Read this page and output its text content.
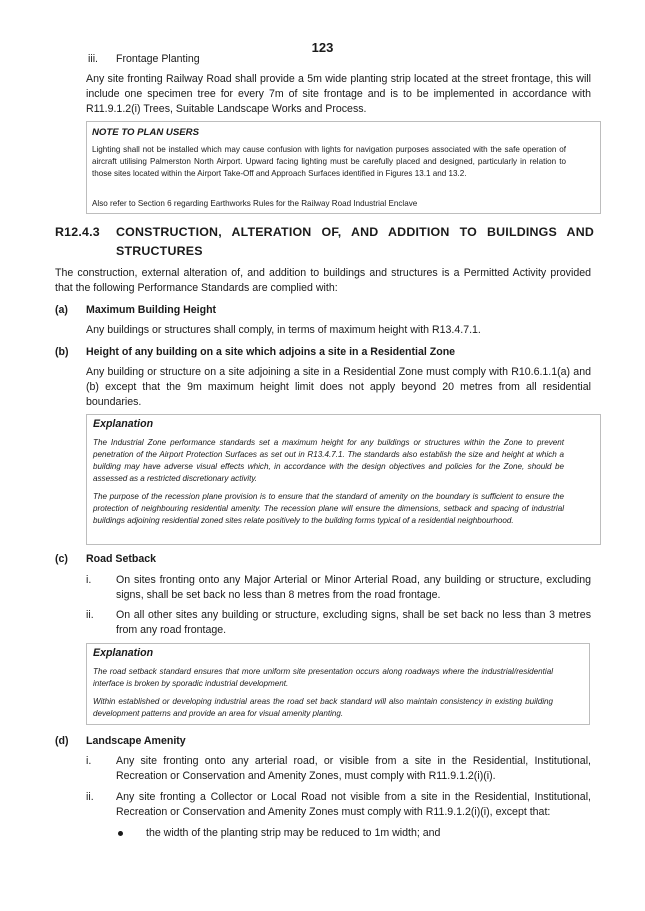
123
iii. Frontage Planting
Any site fronting Railway Road shall provide a 5m wide planting strip located at the street frontage, this will include one specimen tree for every 7m of site frontage and is to be implemented in accordance with R11.9.1.2(i) Trees, Suitable Landscape Works and Process.
NOTE TO PLAN USERS
Lighting shall not be installed which may cause confusion with lights for navigation purposes associated with the safe operation of aircraft utilising Palmerston North Airport. Upward facing lighting must be carefully placed and designed, particularly in relation to those sites located within the Airport Take-Off and Approach Surfaces identified in Figures 13.1 and 13.2.
Also refer to Section 6 regarding Earthworks Rules for the Railway Road Industrial Enclave
R12.4.3 CONSTRUCTION, ALTERATION OF, AND ADDITION TO BUILDINGS AND STRUCTURES
The construction, external alteration of, and addition to buildings and structures is a Permitted Activity provided that the following Performance Standards are complied with:
(a) Maximum Building Height
Any buildings or structures shall comply, in terms of maximum height with R13.4.7.1.
(b) Height of any building on a site which adjoins a site in a Residential Zone
Any building or structure on a site adjoining a site in a Residential Zone must comply with R10.6.1.1(a) and (b) except that the 9m maximum height limit does not apply beyond 20 metres from all residential boundaries.
Explanation
The Industrial Zone performance standards set a maximum height for any buildings or structures within the Zone to prevent penetration of the Airport Protection Surfaces as set out in R13.4.7.1. The standards also establish the size and height at which a building may have adverse visual effects which, in accordance with the design objectives and policies for the Zone, should be assessed as a restricted discretionary activity.
The purpose of the recession plane provision is to ensure that the standard of amenity on the boundary is sufficient to ensure the protection of neighbouring residential amenity. The recession plane will ensure the dimensions, setback and spacing of industrial buildings adjoining residential zoned sites relate positively to the building forms typical of a residential neighbourhood.
(c) Road Setback
i. On sites fronting onto any Major Arterial or Minor Arterial Road, any building or structure, excluding signs, shall be set back no less than 8 metres from the road frontage.
ii. On all other sites any building or structure, excluding signs, shall be set back no less than 3 metres from any road frontage.
Explanation
The road setback standard ensures that more uniform site presentation occurs along roadways where the industrial/residential interface is broken by sporadic industrial development.
Within established or developing industrial areas the road set back standard will also maintain consistency in existing building development patterns and provide an area for visual amenity planting.
(d) Landscape Amenity
i. Any site fronting onto any arterial road, or visible from a site in the Residential, Institutional, Recreation or Conservation and Amenity Zones, must comply with R11.9.1.2(i)(i).
ii. Any site fronting a Collector or Local Road not visible from a site in the Residential, Institutional, Recreation or Conservation and Amenity Zones must comply with R11.9.1.2(i)(i), except that:
the width of the planting strip may be reduced to 1m width; and
